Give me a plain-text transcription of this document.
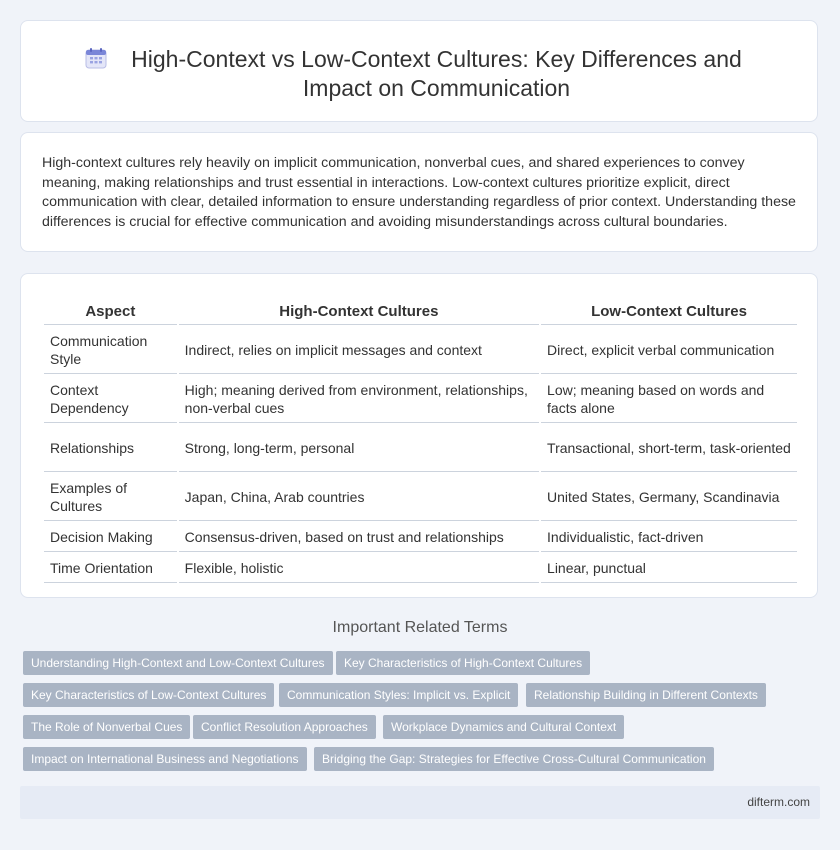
High-Context vs Low-Context Cultures: Key Differences and Impact on Communication

High-context cultures rely heavily on implicit communication, nonverbal cues, and shared experiences to convey meaning, making relationships and trust essential in interactions. Low-context cultures prioritize explicit, direct communication with clear, detailed information to ensure understanding regardless of prior context. Understanding these differences is crucial for effective communication and avoiding misunderstandings across cultural boundaries.

Aspect	High-Context Cultures	Low-Context Cultures
Communication Style	Indirect, relies on implicit messages and context	Direct, explicit verbal communication
Context Dependency	High; meaning derived from environment, relationships, non-verbal cues	Low; meaning based on words and facts alone
Relationships	Strong, long-term, personal	Transactional, short-term, task-oriented
Examples of Cultures	Japan, China, Arab countries	United States, Germany, Scandinavia
Decision Making	Consensus-driven, based on trust and relationships	Individualistic, fact-driven
Time Orientation	Flexible, holistic	Linear, punctual
Important Related Terms
Understanding High-Context and Low-Context Cultures	Key Characteristics of High-Context Cultures
Key Characteristics of Low-Context Cultures	Communication Styles: Implicit vs. Explicit	Relationship Building in Different Contexts
The Role of Nonverbal Cues	Conflict Resolution Approaches	Workplace Dynamics and Cultural Context
Impact on International Business and Negotiations	Bridging the Gap: Strategies for Effective Cross-Cultural Communication
difterm.com
